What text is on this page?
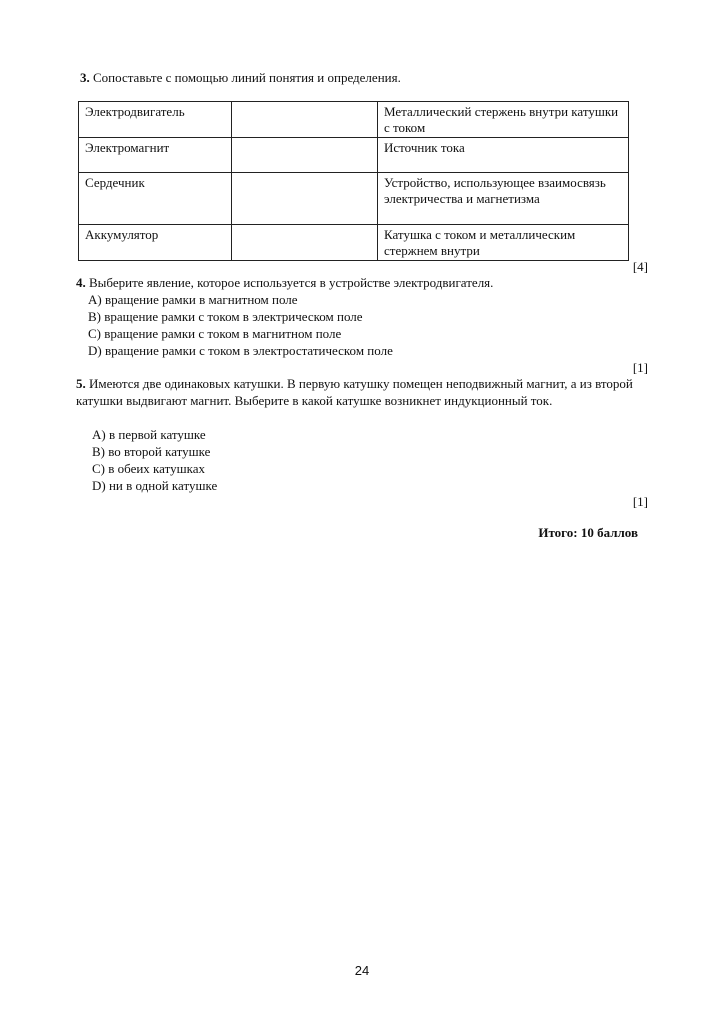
3. Сопоставьте с помощью линий понятия и определения.
Электродвигатель		Металлический стержень внутри катушки с током
Электромагнит		Источник тока
Сердечник		Устройство, использующее взаимосвязь электричества и магнетизма
Аккумулятор		Катушка с током и металлическим стержнем внутри
[4]
4. Выберите явление, которое используется в устройстве электродвигателя.
A) вращение рамки в магнитном поле
B) вращение рамки с током в электрическом поле
C) вращение рамки с током в магнитном поле
D) вращение рамки с током в электростатическом поле
[1]
5. Имеются две одинаковых катушки. В первую катушку помещен неподвижный магнит, а из второй катушки выдвигают магнит. Выберите в какой катушке возникнет индукционный ток.
A) в первой катушке
B) во второй катушке
C) в обеих катушках
D) ни в одной катушке
[1]
Итого: 10 баллов
24
